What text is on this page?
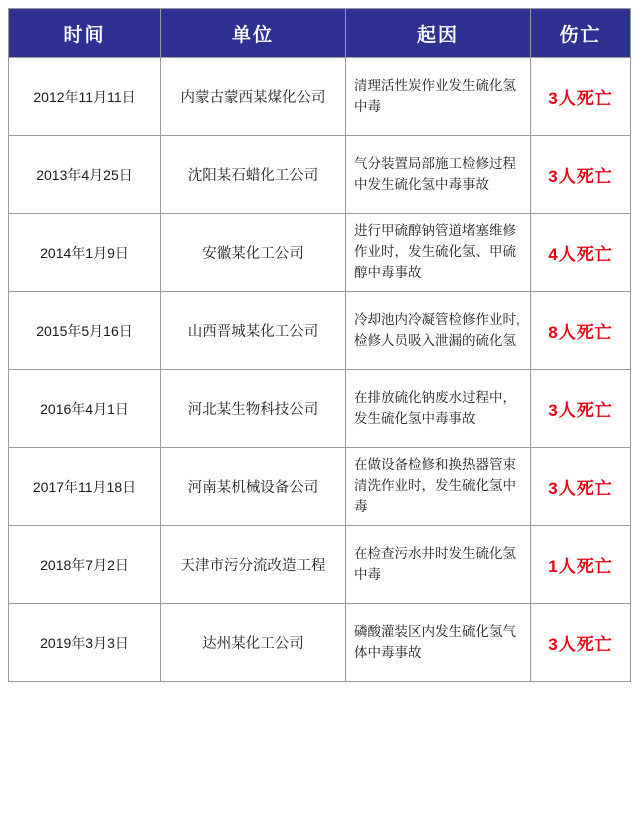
时间	单位	起因	伤亡
2012年11月11日	内蒙古蒙西某煤化公司	清理活性炭作业发生硫化氢中毒	3人死亡
2013年4月25日	沈阳某石蜡化工公司	气分装置局部施工检修过程中发生硫化氢中毒事故	3人死亡
2014年1月9日	安徽某化工公司	进行甲硫醇钠管道堵塞维修作业时，发生硫化氢、甲硫醇中毒事故	4人死亡
2015年5月16日	山西晋城某化工公司	冷却池内冷凝管检修作业时,检修人员吸入泄漏的硫化氢	8人死亡
2016年4月1日	河北某生物科技公司	在排放硫化钠废水过程中，发生硫化氢中毒事故	3人死亡
2017年11月18日	河南某机械设备公司	在做设备检修和换热器管束清洗作业时，发生硫化氢中毒	3人死亡
2018年7月2日	天津市污分流改造工程	在检查污水井时发生硫化氢中毒	1人死亡
2019年3月3日	达州某化工公司	磷酸灌装区内发生硫化氢气体中毒事故	3人死亡
